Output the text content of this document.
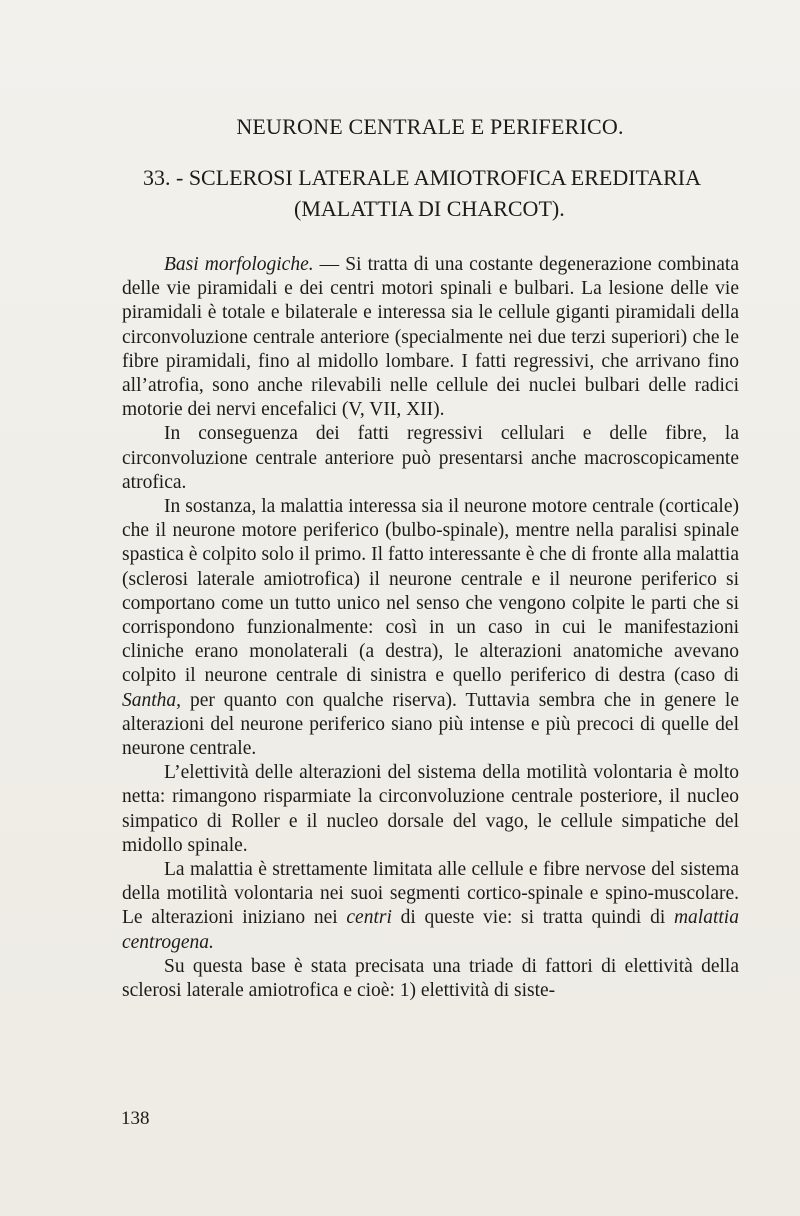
NEURONE CENTRALE E PERIFERICO.
33. - SCLEROSI LATERALE AMIOTROFICA EREDITARIA
(MALATTIA DI CHARCOT).

Basi morfologiche. — Si tratta di una costante degenerazione combinata delle vie piramidali e dei centri motori spinali e bulbari. La lesione delle vie piramidali è totale e bilaterale e interessa sia le cellule giganti piramidali della circonvoluzione centrale anteriore (specialmente nei due terzi superiori) che le fibre piramidali, fino al midollo lombare. I fatti regressivi, che arrivano fino all’atrofia, sono anche rilevabili nelle cellule dei nuclei bulbari delle radici motorie dei nervi encefalici (V, VII, XII).

In conseguenza dei fatti regressivi cellulari e delle fibre, la circonvoluzione centrale anteriore può presentarsi anche macroscopicamente atrofica.

In sostanza, la malattia interessa sia il neurone motore centrale (corticale) che il neurone motore periferico (bulbo-spinale), mentre nella paralisi spinale spastica è colpito solo il primo. Il fatto interessante è che di fronte alla malattia (sclerosi laterale amiotrofica) il neurone centrale e il neurone periferico si comportano come un tutto unico nel senso che vengono colpite le parti che si corrispondono funzionalmente: così in un caso in cui le manifestazioni cliniche erano monolaterali (a destra), le alterazioni anatomiche avevano colpito il neurone centrale di sinistra e quello periferico di destra (caso di Santha, per quanto con qualche riserva). Tuttavia sembra che in genere le alterazioni del neurone periferico siano più intense e più precoci di quelle del neurone centrale.

L’elettività delle alterazioni del sistema della motilità volontaria è molto netta: rimangono risparmiate la circonvoluzione centrale posteriore, il nucleo simpatico di Roller e il nucleo dorsale del vago, le cellule simpatiche del midollo spinale.

La malattia è strettamente limitata alle cellule e fibre nervose del sistema della motilità volontaria nei suoi segmenti cortico-spinale e spino-muscolare. Le alterazioni iniziano nei centri di queste vie: si tratta quindi di malattia centrogena.

Su questa base è stata precisata una triade di fattori di elettività della sclerosi laterale amiotrofica e cioè: 1) elettività di siste-

138
